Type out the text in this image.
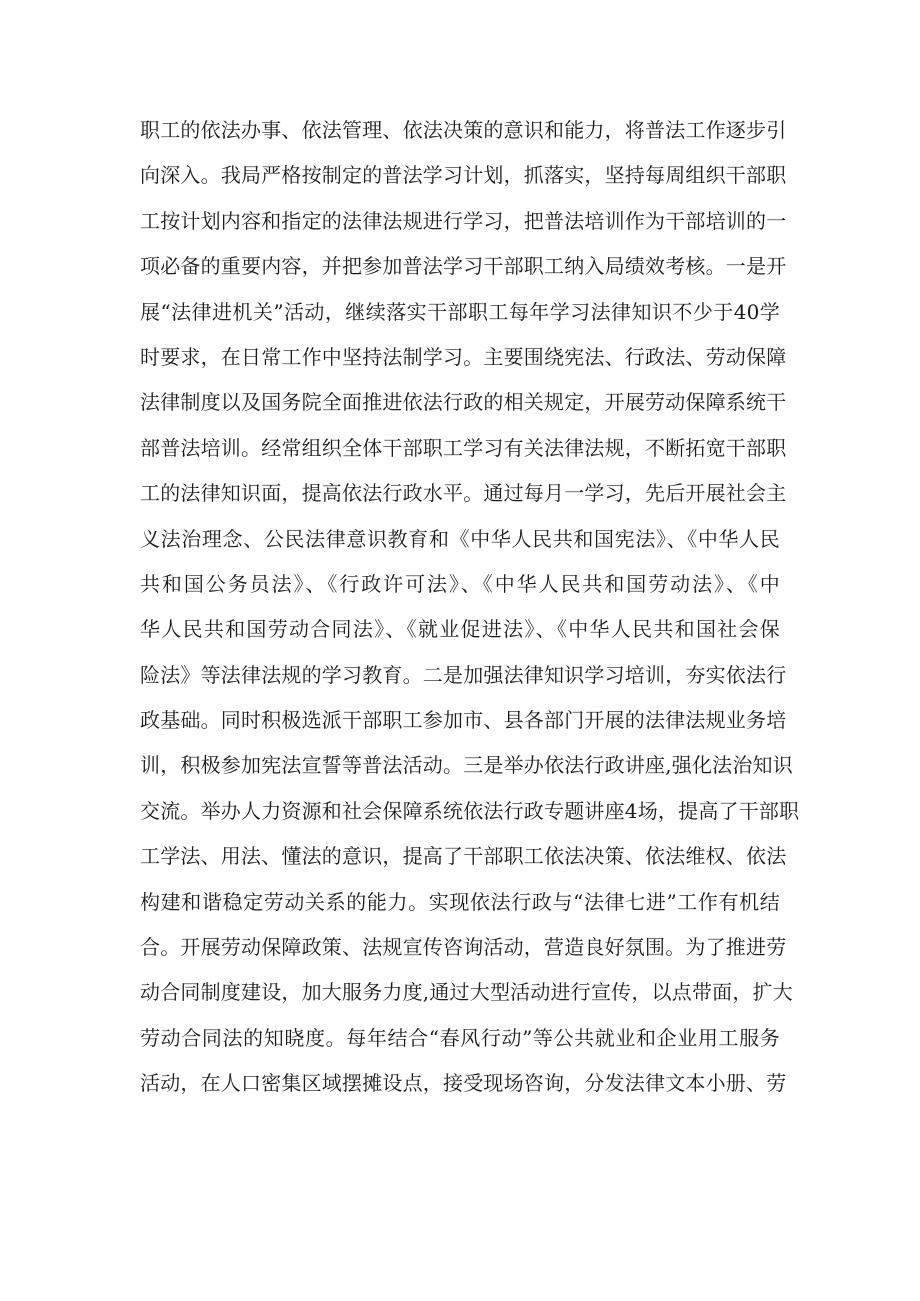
职工的依法办事、依法管理、依法决策的意识和能力，将普法工作逐步引
向深入。我局严格按制定的普法学习计划，抓落实，坚持每周组织干部职
工按计划内容和指定的法律法规进行学习，把普法培训作为干部培训的一
项必备的重要内容，并把参加普法学习干部职工纳入局绩效考核。一是开
展“法律进机关”活动，继续落实干部职工每年学习法律知识不少于40学
时要求，在日常工作中坚持法制学习。主要围绕宪法、行政法、劳动保障
法律制度以及国务院全面推进依法行政的相关规定，开展劳动保障系统干
部普法培训。经常组织全体干部职工学习有关法律法规，不断拓宽干部职
工的法律知识面，提高依法行政水平。通过每月一学习，先后开展社会主
义法治理念、公民法律意识教育和《中华人民共和国宪法》、《中华人民
共和国公务员法》、《行政许可法》、《中华人民共和国劳动法》、《中
华人民共和国劳动合同法》、《就业促进法》、《中华人民共和国社会保
险法》等法律法规的学习教育。二是加强法律知识学习培训，夯实依法行
政基础。同时积极选派干部职工参加市、县各部门开展的法律法规业务培
训，积极参加宪法宣誓等普法活动。三是举办依法行政讲座,强化法治知识
交流。举办人力资源和社会保障系统依法行政专题讲座4场，提高了干部职
工学法、用法、懂法的意识，提高了干部职工依法决策、依法维权、依法
构建和谐稳定劳动关系的能力。实现依法行政与“法律七进”工作有机结
合。开展劳动保障政策、法规宣传咨询活动，营造良好氛围。为了推进劳
动合同制度建设，加大服务力度,通过大型活动进行宣传，以点带面，扩大
劳动合同法的知晓度。每年结合“春风行动”等公共就业和企业用工服务
活动，在人口密集区域摆摊设点，接受现场咨询，分发法律文本小册、劳
